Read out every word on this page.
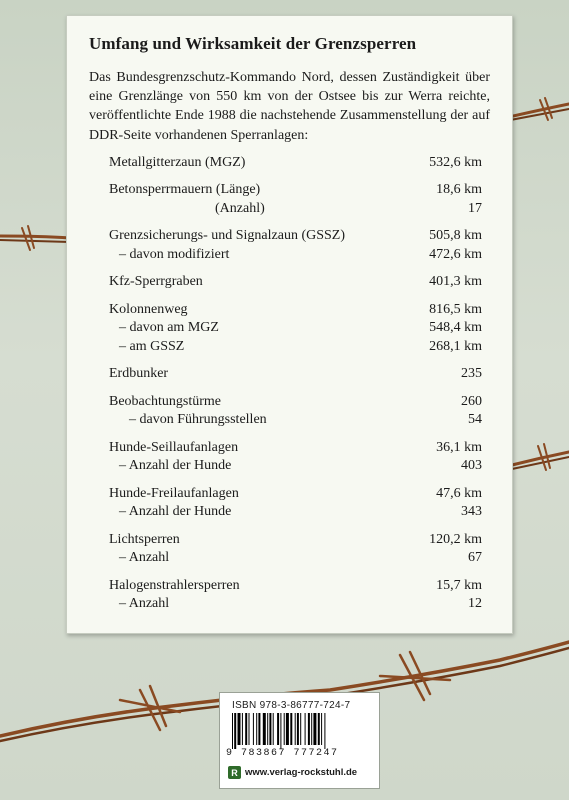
Umfang und Wirksamkeit der Grenzsperren
Das Bundesgrenzschutz-Kommando Nord, dessen Zuständigkeit über eine Grenzlänge von 550 km von der Ostsee bis zur Werra reichte, veröffentlichte Ende 1988 die nachstehende Zusammenstellung der auf DDR-Seite vorhandenen Sperranlagen:
Metallgitterzaun (MGZ)	532,6 km
Betonsperrmauern (Länge)	18,6 km
(Anzahl)	17
Grenzsicherungs- und Signalzaun (GSSZ)	505,8 km
– davon modifiziert	472,6 km
Kfz-Sperrgraben	401,3 km
Kolonnenweg	816,5 km
– davon am MGZ	548,4 km
– am GSSZ	268,1 km
Erdbunker	235
Beobachtungstürme	260
– davon Führungsstellen	54
Hunde-Seillaufanlagen	36,1 km
– Anzahl der Hunde	403
Hunde-Freilaufanlagen	47,6 km
– Anzahl der Hunde	343
Lichtsperren	120,2 km
– Anzahl	67
Halogenstrahlersperren	15,7 km
– Anzahl	12
ISBN 978-3-86777-724-7
9 783867 777247
R www.verlag-rockstuhl.de
